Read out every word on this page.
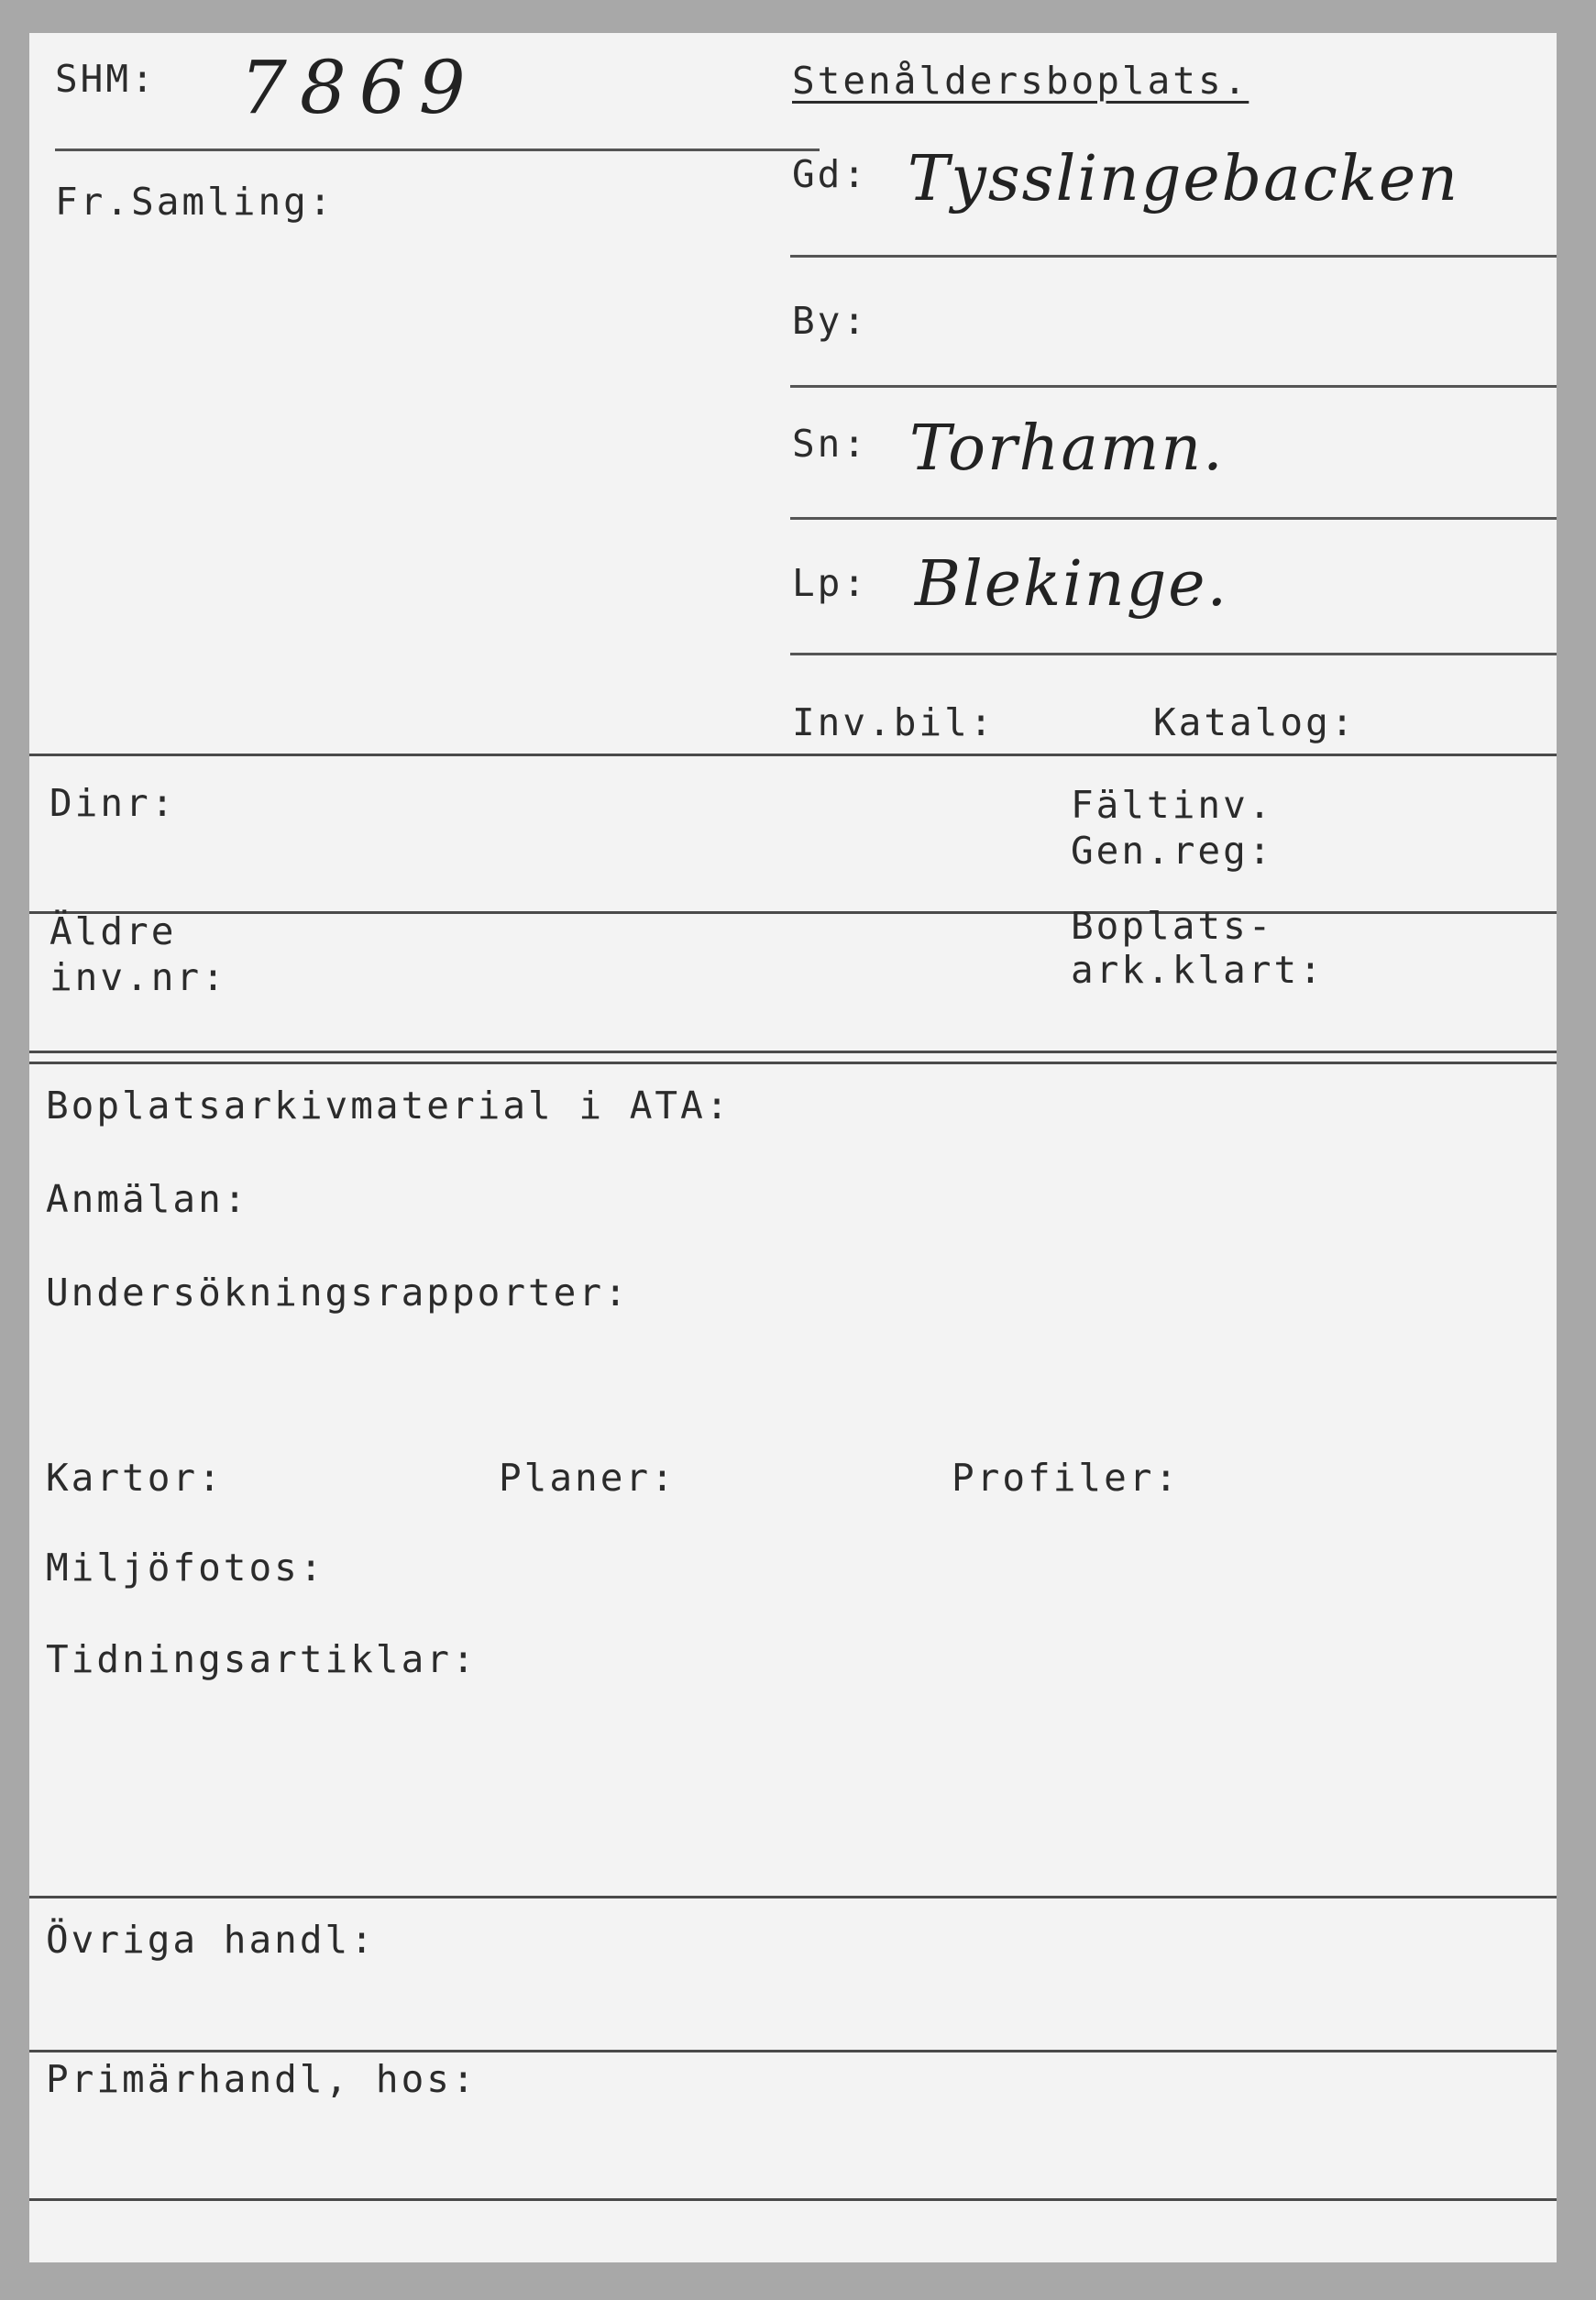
SHM: 7869
Fr.Samling:
Stenåldersboplats.
Gd: Tysslingebacken
By:
Sn: Torhamn.
Lp: Blekinge.
Inv.bil:	Katalog:
Dinr:	Fältinv.
Gen.reg:
Äldre
inv.nr:
Boplats-
ark.klart:
Boplatsarkivmaterial i ATA:
Anmälan:
Undersökningsrapporter:
Kartor:	Planer:	Profiler:
Miljöfotos:
Tidningsartiklar:
Övriga handl:
Primärhandl, hos:
